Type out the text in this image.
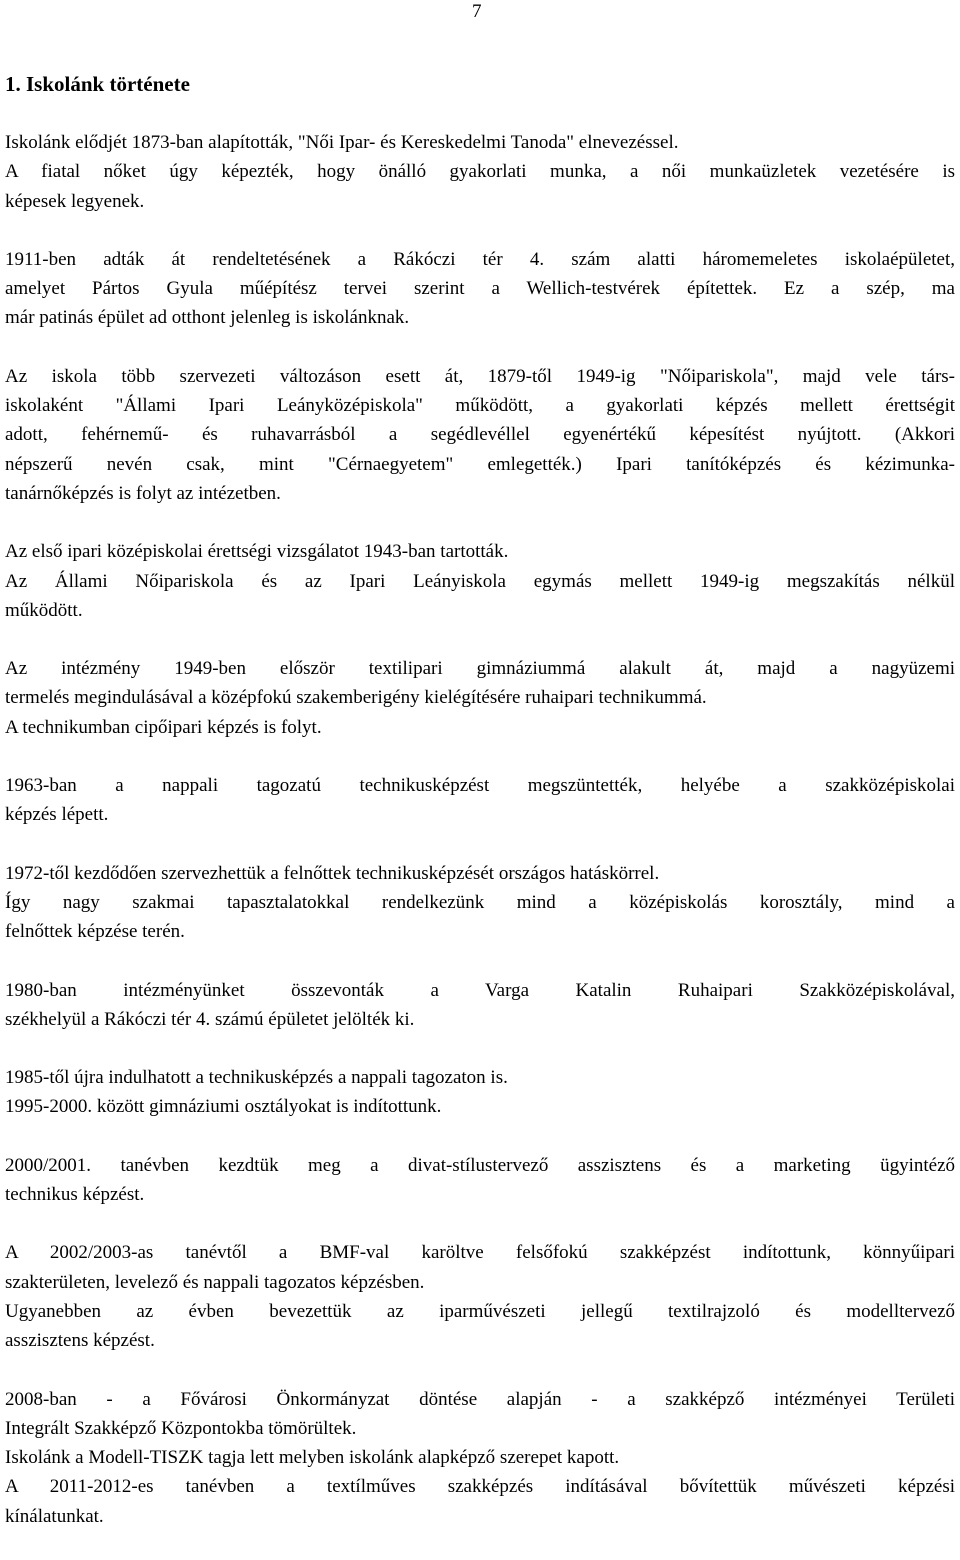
7
1. Iskolánk története

Iskolánk elődjét 1873-ban alapították, "Női Ipar- és Kereskedelmi Tanoda" elnevezéssel.
A fiatal nőket úgy képezték, hogy önálló gyakorlati munka, a női munkaüzletek vezetésére is
képesek legyenek.

1911-ben adták át rendeltetésének a Rákóczi tér 4. szám alatti háromemeletes iskolaépületet,
amelyet Pártos Gyula műépítész tervei szerint a Wellich-testvérek építettek. Ez a szép, ma
már patinás épület ad otthont jelenleg is iskolánknak.

Az iskola több szervezeti változáson esett át, 1879-től 1949-ig "Nőipariskola", majd vele társ-
iskolaként "Állami Ipari Leányközépiskola" működött, a gyakorlati képzés mellett érettségit
adott, fehérnemű- és ruhavarrásból a segédlevéllel egyenértékű képesítést nyújtott. (Akkori
népszerű nevén csak, mint "Cérnaegyetem" emlegették.) Ipari tanítóképzés és kézimunka-
tanárnőképzés is folyt az intézetben.

Az első ipari középiskolai érettségi vizsgálatot 1943-ban tartották.
Az Állami Nőipariskola és az Ipari Leányiskola egymás mellett 1949-ig megszakítás nélkül
működött.

Az intézmény 1949-ben először textilipari gimnáziummá alakult át, majd a nagyüzemi
termelés megindulásával a középfokú szakemberigény kielégítésére ruhaipari technikummá.
A technikumban cipőipari képzés is folyt.

1963-ban a nappali tagozatú technikusképzést megszüntették, helyébe a szakközépiskolai
képzés lépett.

1972-től kezdődően szervezhettük a felnőttek technikusképzését országos hatáskörrel.
Így nagy szakmai tapasztalatokkal rendelkezünk mind a középiskolás korosztály, mind a
felnőttek képzése terén.

1980-ban intézményünket összevonták a Varga Katalin Ruhaipari Szakközépiskolával,
székhelyül a Rákóczi tér 4. számú épületet jelölték ki.

1985-től újra indulhatott a technikusképzés a nappali tagozaton is.
1995-2000. között gimnáziumi osztályokat is indítottunk.

2000/2001. tanévben kezdtük meg a divat-stílustervező asszisztens és a marketing ügyintéző
technikus képzést.

A 2002/2003-as tanévtől a BMF-val karöltve felsőfokú szakképzést indítottunk, könnyűipari
szakterületen, levelező és nappali tagozatos képzésben.
Ugyanebben az évben bevezettük az iparművészeti jellegű textilrajzoló és modelltervező
asszisztens képzést.

2008-ban - a Fővárosi Önkormányzat döntése alapján - a szakképző intézményei Területi
Integrált Szakképző Központokba tömörültek.
Iskolánk a Modell-TISZK tagja lett melyben iskolánk alapképző szerepet kapott.
A 2011-2012-es tanévben a textílműves szakképzés indításával bővítettük művészeti képzési
kínálatunkat.
